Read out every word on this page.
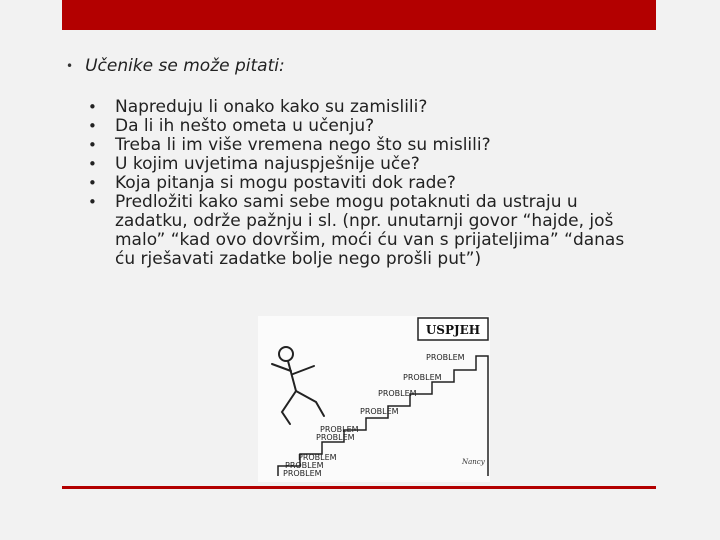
• Učenike se može pitati:
• Napreduju li onako kako su zamislili?
• Da li ih nešto ometa u učenju?
• Treba li im više vremena nego što su mislili?
• U kojim uvjetima najuspješnije uče?
• Koja pitanja si mogu postaviti dok rade?
• Predložiti kako sami sebe mogu potaknuti da ustraju u zadatku, održe pažnju i sl. (npr. unutarnji govor “hajde, još malo” “kad ovo dovršim, moći ću van s prijateljima” “danas ću rješavati zadatke bolje nego prošli put”)
USPJEH
PROBLEM
PROBLEM
PROBLEM
PROBLEM
PROBLEM
PROBLEM
PROBLEM
PROBLEM
PROBLEM
Nancy
